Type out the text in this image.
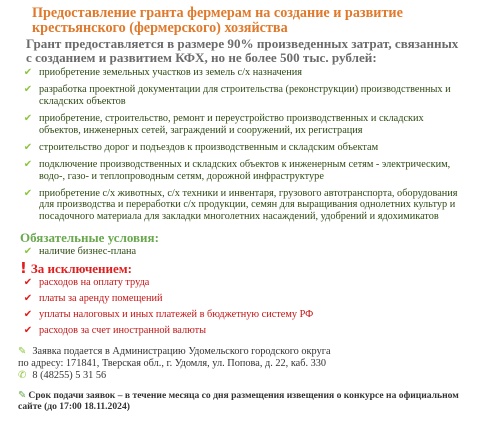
Предоставление гранта фермерам на создание и развитие крестьянского (фермерского) хозяйства
Грант предоставляется в размере 90% произведенных затрат, связанных с созданием и развитием КФХ, но не более 500 тыс. рублей:
✔ приобретение земельных участков из земель с/х назначения
✔ разработка проектной документации для строительства (реконструкции) производственных и складских объектов
✔ приобретение, строительство, ремонт и переустройство производственных и складских объектов, инженерных сетей, заграждений и сооружений, их регистрация
✔ строительство дорог и подъездов к производственным и складским объектам
✔ подключение производственных и складских объектов к инженерным сетям - электрическим, водо-, газо- и теплопроводным сетям, дорожной инфраструктуре
✔ приобретение с/х животных, с/х техники и инвентаря, грузового автотранспорта, оборудования для производства и переработки с/х продукции, семян для выращивания однолетних культур и посадочного материала для закладки многолетних насаждений, удобрений и ядохимикатов
Обязательные условия:
✔ наличие бизнес-плана
! За исключением:
✔ расходов на оплату труда
✔ платы за аренду помещений
✔ уплаты налоговых и иных платежей в бюджетную систему РФ
✔ расходов за счет иностранной валюты
✎ Заявка подается в Администрацию Удомельского городского округа
по адресу: 171841, Тверская обл., г. Удомля, ул. Попова, д. 22, каб. 330
✆ 8 (48255) 5 31 56
✎ Срок подачи заявок – в течение месяца со дня размещения извещения о конкурсе на официальном сайте (до 17:00 18.11.2024)
